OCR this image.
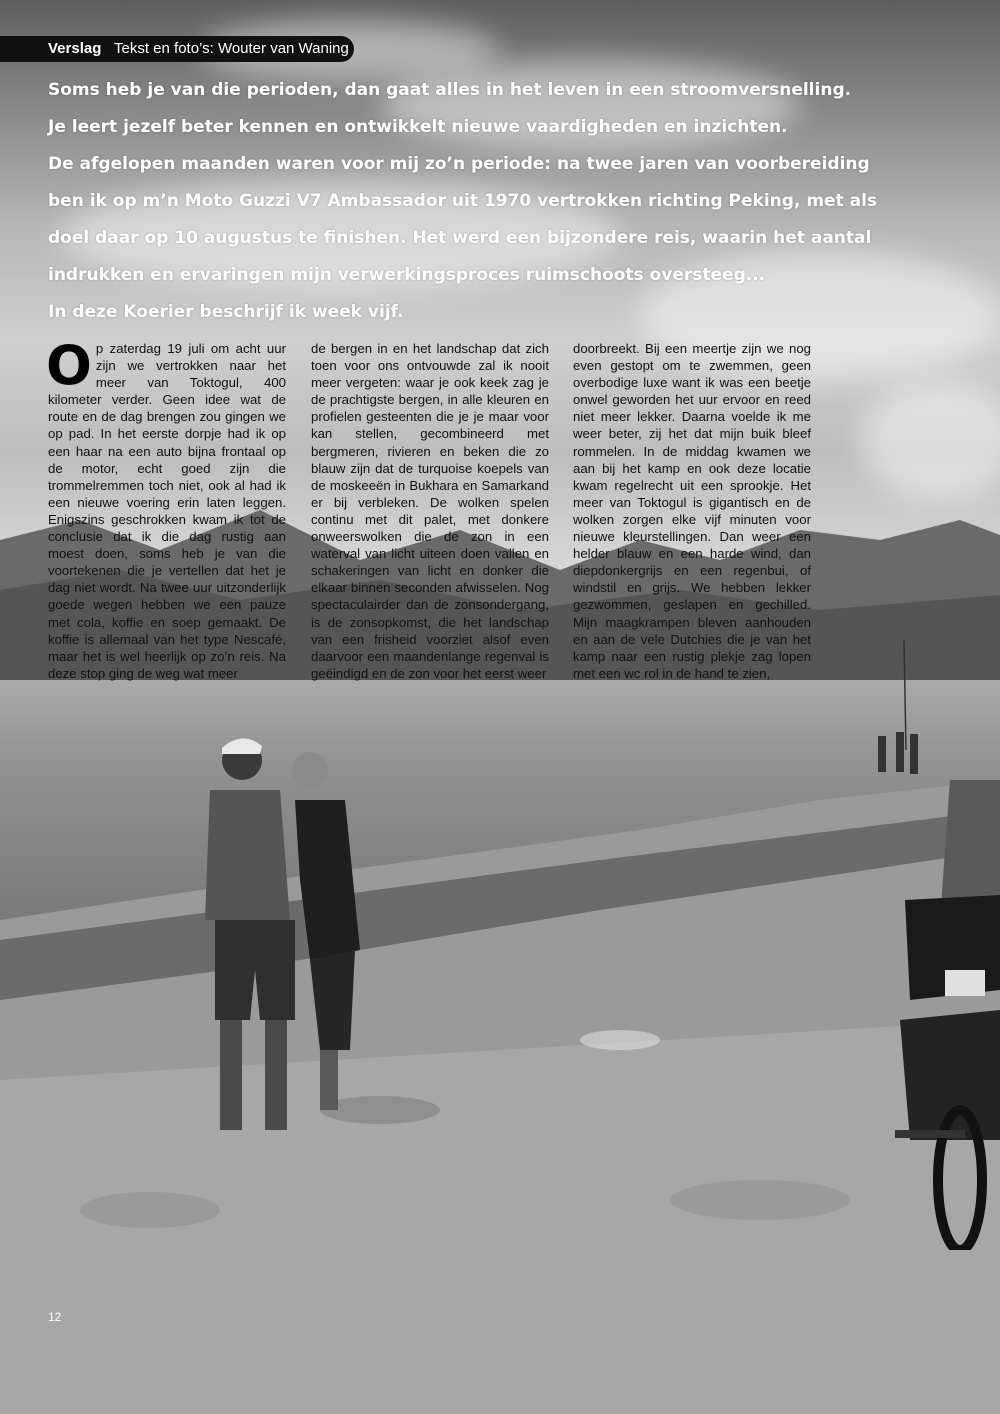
Verslag Tekst en foto’s: Wouter van Waning
Soms heb je van die perioden, dan gaat alles in het leven in een stroomversnelling.
Je leert jezelf beter kennen en ontwikkelt nieuwe vaardigheden en inzichten.
De afgelopen maanden waren voor mij zo’n periode: na twee jaren van voorbereiding
ben ik op m’n Moto Guzzi V7 Ambassador uit 1970 vertrokken richting Peking, met als
doel daar op 10 augustus te finishen. Het werd een bijzondere reis, waarin het aantal
indrukken en ervaringen mijn verwerkingsproces ruimschoots oversteeg...
In deze Koerier beschrijf ik week vijf.

Op zaterdag 19 juli om acht uur zijn we vertrokken naar het meer van Toktogul, 400 kilometer verder. Geen idee wat de route en de dag brengen zou gingen we op pad. In het eerste dorpje had ik op een haar na een auto bijna frontaal op de motor, echt goed zijn die trommelremmen toch niet, ook al had ik een nieuwe voering erin laten leggen. Enigszins geschrokken kwam ik tot de conclusie dat ik die dag rustig aan moest doen, soms heb je van die voortekenen die je vertellen dat het je dag niet wordt. Na twee uur uitzonderlijk goede wegen hebben we een pauze met cola, koffie en soep gemaakt. De koffie is allemaal van het type Nescafé, maar het is wel heerlijk op zo’n reis. Na deze stop ging de weg wat meer

de bergen in en het landschap dat zich toen voor ons ontvouwde zal ik nooit meer vergeten: waar je ook keek zag je de prachtigste bergen, in alle kleuren en profielen gesteenten die je je maar voor kan stellen, gecombineerd met bergmeren, rivieren en beken die zo blauw zijn dat de turquoise koepels van de moskeeën in Bukhara en Samarkand er bij verbleken. De wolken spelen continu met dit palet, met donkere onweerswolken die de zon in een waterval van licht uiteen doen vallen en schakeringen van licht en donker die elkaar binnen seconden afwisselen. Nog spectaculairder dan de zonsondergang, is de zonsopkomst, die het landschap van een frisheid voorziet alsof even daarvoor een maandenlange regenval is geëindigd en de zon voor het eerst weer

doorbreekt. Bij een meertje zijn we nog even gestopt om te zwemmen, geen overbodige luxe want ik was een beetje onwel geworden het uur ervoor en reed niet meer lekker. Daarna voelde ik me weer beter, zij het dat mijn buik bleef rommelen. In de middag kwamen we aan bij het kamp en ook deze locatie kwam regelrecht uit een sprookje. Het meer van Toktogul is gigantisch en de wolken zorgen elke vijf minuten voor nieuwe kleurstellingen. Dan weer een helder blauw en een harde wind, dan diepdonkergrijs en een regenbui, of windstil en grijs. We hebben lekker gezwommen, geslapen en gechilled. Mijn maagkrampen bleven aanhouden en aan de vele Dutchies die je van het kamp naar een rustig plekje zag lopen met een wc rol in de hand te zien,

12
